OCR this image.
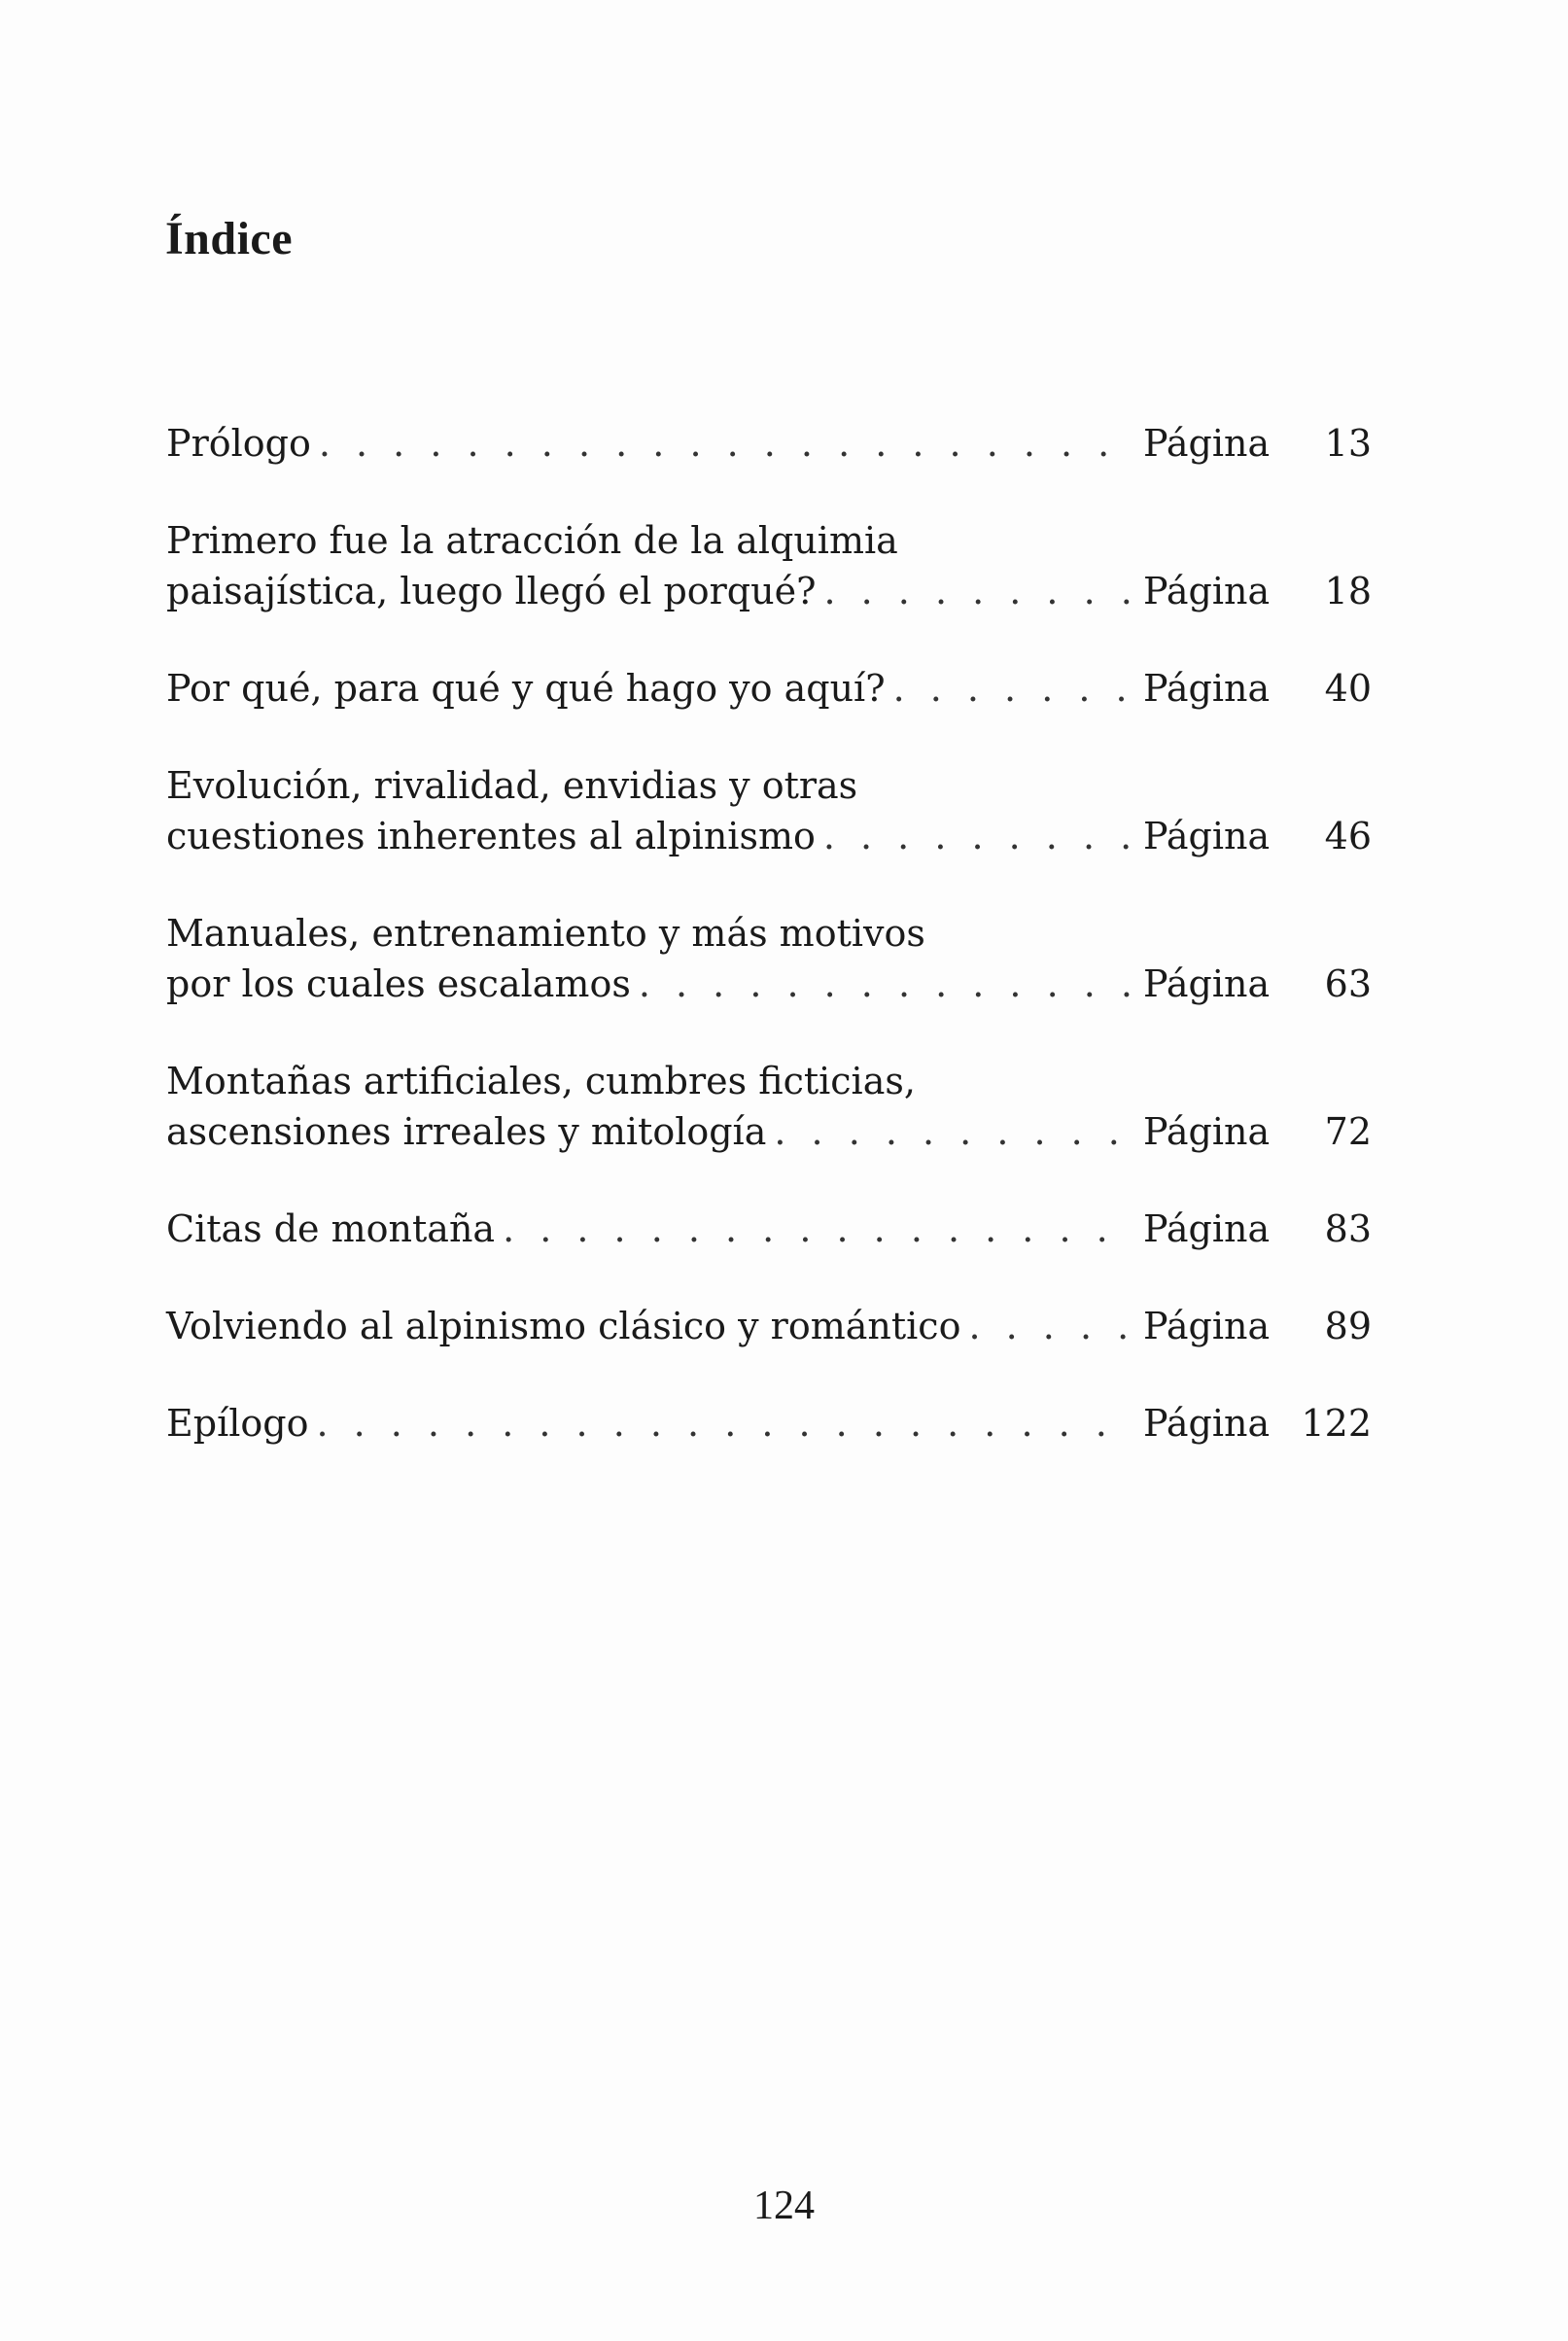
Índice
Prólogo . . .	Página	13
Primero fue la atracción de la alquimia
paisajística, luego llegó el porqué? . . .	Página	18
Por qué, para qué y qué hago yo aquí? . . .	Página	40
Evolución, rivalidad, envidias y otras
cuestiones inherentes al alpinismo . . .	Página	46
Manuales, entrenamiento y más motivos
por los cuales escalamos . . .	Página	63
Montañas artificiales, cumbres ficticias,
ascensiones irreales y mitología . . .	Página	72
Citas de montaña . . .	Página	83
Volviendo al alpinismo clásico y romántico . . .	Página	89
Epílogo . . .	Página 122
124
